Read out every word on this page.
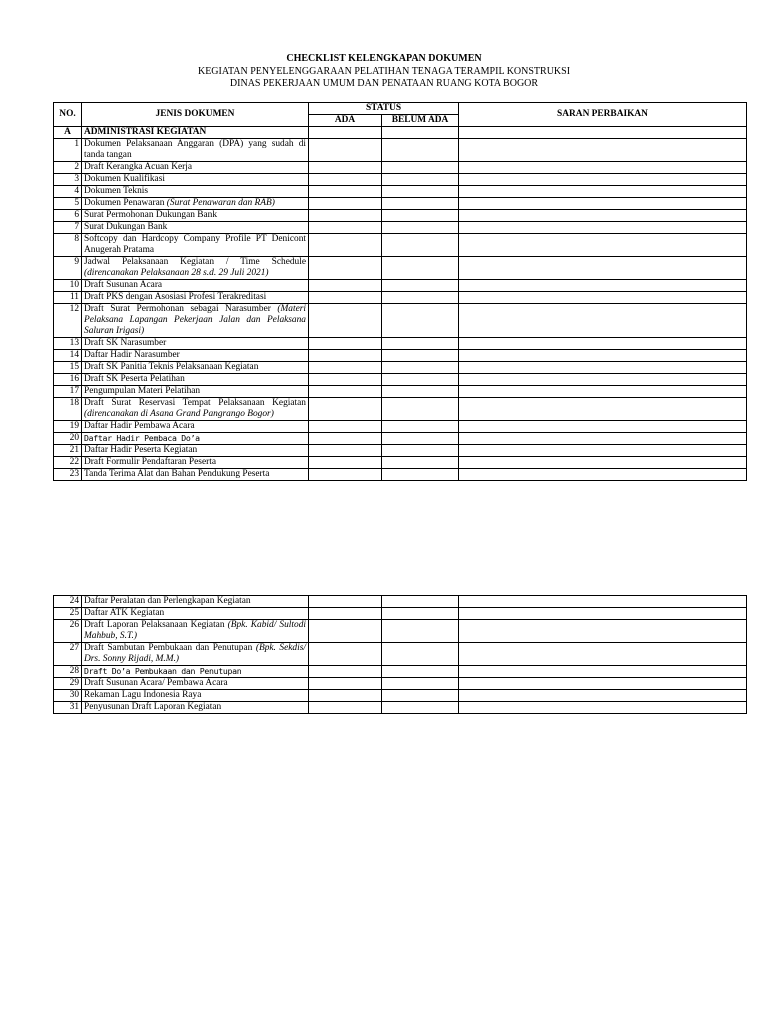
CHECKLIST KELENGKAPAN DOKUMEN
KEGIATAN PENYELENGGARAAN PELATIHAN TENAGA TERAMPIL KONSTRUKSI
DINAS PEKERJAAN UMUM DAN PENATAAN RUANG KOTA BOGOR
NO.	JENIS DOKUMEN	STATUS		SARAN PERBAIKAN
		ADA	BELUM ADA	
A	ADMINISTRASI KEGIATAN			
1	Dokumen Pelaksanaan Anggaran (DPA) yang sudah di tanda tangan			
2	Draft Kerangka Acuan Kerja			
3	Dokumen Kualifikasi			
4	Dokumen Teknis			
5	Dokumen Penawaran (Surat Penawaran dan RAB)			
6	Surat Permohonan Dukungan Bank			
7	Surat Dukungan Bank			
8	Softcopy dan Hardcopy Company Profile PT Denicont Anugerah Pratama			
9	Jadwal Pelaksanaan Kegiatan / Time Schedule (direncanakan Pelaksanaan 28 s.d. 29 Juli 2021)			
10	Draft Susunan Acara			
11	Draft PKS dengan Asosiasi Profesi Terakreditasi			
12	Draft Surat Permohonan sebagai Narasumber (Materi Pelaksana Lapangan Pekerjaan Jalan dan Pelaksana Saluran Irigasi)			
13	Draft SK Narasumber			
14	Daftar Hadir Narasumber			
15	Draft SK Panitia Teknis Pelaksanaan Kegiatan			
16	Draft SK Peserta Pelatihan			
17	Pengumpulan Materi Pelatihan			
18	Draft Surat Reservasi Tempat Pelaksanaan Kegiatan (direncanakan di Asana Grand Pangrango Bogor)			
19	Daftar Hadir Pembawa Acara			
20	Daftar Hadir Pembaca Do’a			
21	Daftar Hadir Peserta Kegiatan			
22	Draft Formulir Pendaftaran Peserta			
23	Tanda Terima Alat dan Bahan Pendukung Peserta			
24	Daftar Peralatan dan Perlengkapan Kegiatan			
25	Daftar ATK Kegiatan			
26	Draft Laporan Pelaksanaan Kegiatan (Bpk. Kabid/ Sultodi Mahbub, S.T.)			
27	Draft Sambutan Pembukaan dan Penutupan (Bpk. Sekdis/ Drs. Sonny Rijadi, M.M.)			
28	Draft Do’a Pembukaan dan Penutupan			
29	Draft Susunan Acara/ Pembawa Acara			
30	Rekaman Lagu Indonesia Raya			
31	Penyusunan Draft Laporan Kegiatan			
